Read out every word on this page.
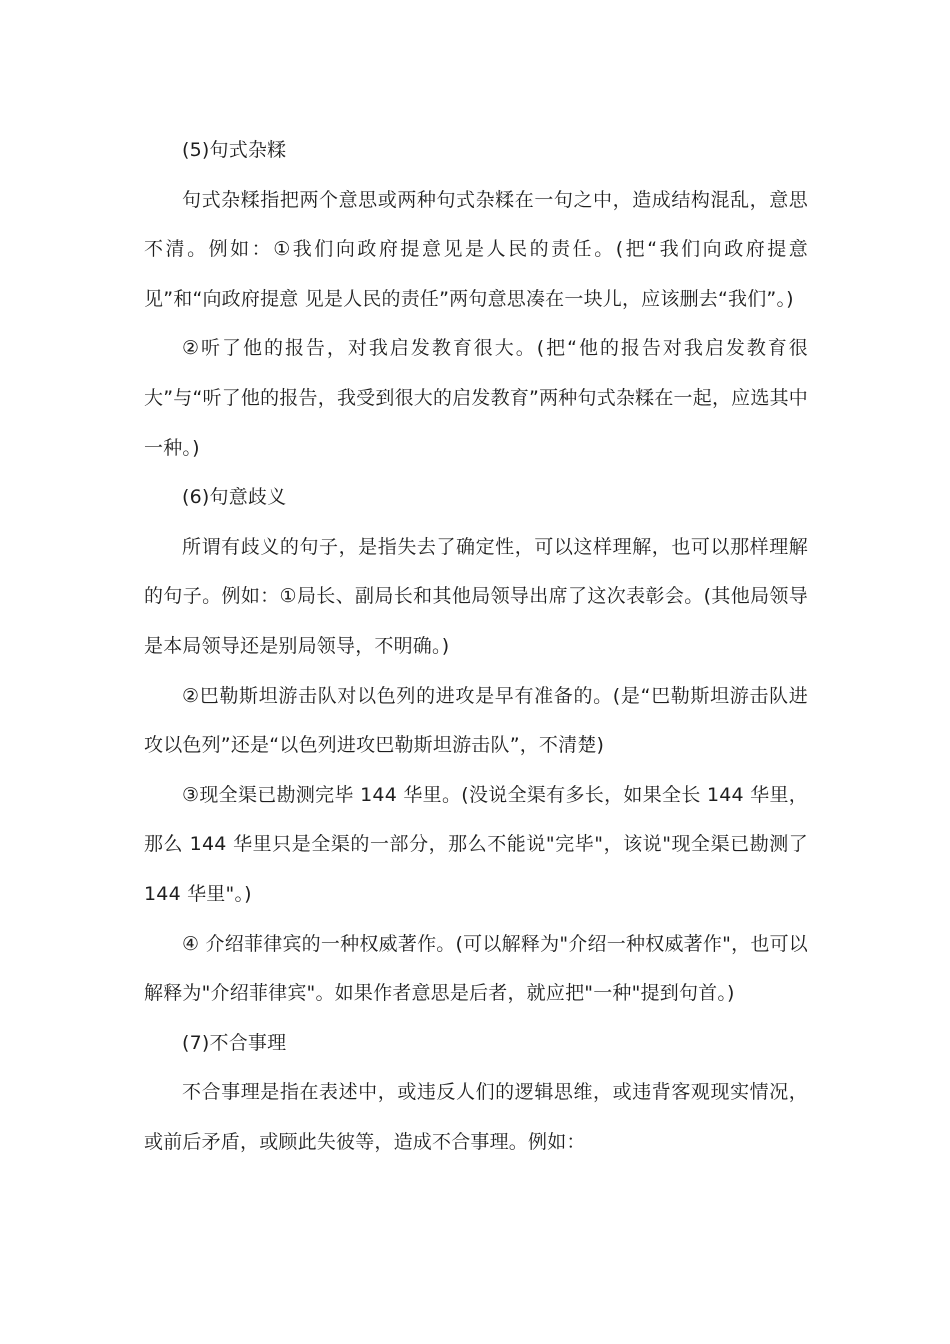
(5)句式杂糅

句式杂糅指把两个意思或两种句式杂糅在一句之中，造成结构混乱，意思不清。例如：①我们向政府提意见是人民的责任。(把“我们向政府提意见”和“向政府提意 见是人民的责任”两句意思凑在一块儿，应该删去“我们”。)

②听了他的报告，对我启发教育很大。(把“他的报告对我启发教育很大”与“听了他的报告，我受到很大的启发教育”两种句式杂糅在一起，应选其中一种。)

(6)句意歧义

所谓有歧义的句子，是指失去了确定性，可以这样理解，也可以那样理解的句子。例如：①局长、副局长和其他局领导出席了这次表彰会。(其他局领导是本局领导还是别局领导，不明确。)

②巴勒斯坦游击队对以色列的进攻是早有准备的。(是“巴勒斯坦游击队进攻以色列”还是“以色列进攻巴勒斯坦游击队”，不清楚)

③现全渠已勘测完毕 144 华里。(没说全渠有多长，如果全长 144 华里，那么 144 华里只是全渠的一部分，那么不能说"完毕"，该说"现全渠已勘测了 144 华里"。)

④ 介绍菲律宾的一种权威著作。(可以解释为"介绍一种权威著作"，也可以解释为"介绍菲律宾"。如果作者意思是后者，就应把"一种"提到句首。)

(7)不合事理

不合事理是指在表述中，或违反人们的逻辑思维，或违背客观现实情况，或前后矛盾，或顾此失彼等，造成不合事理。例如：
